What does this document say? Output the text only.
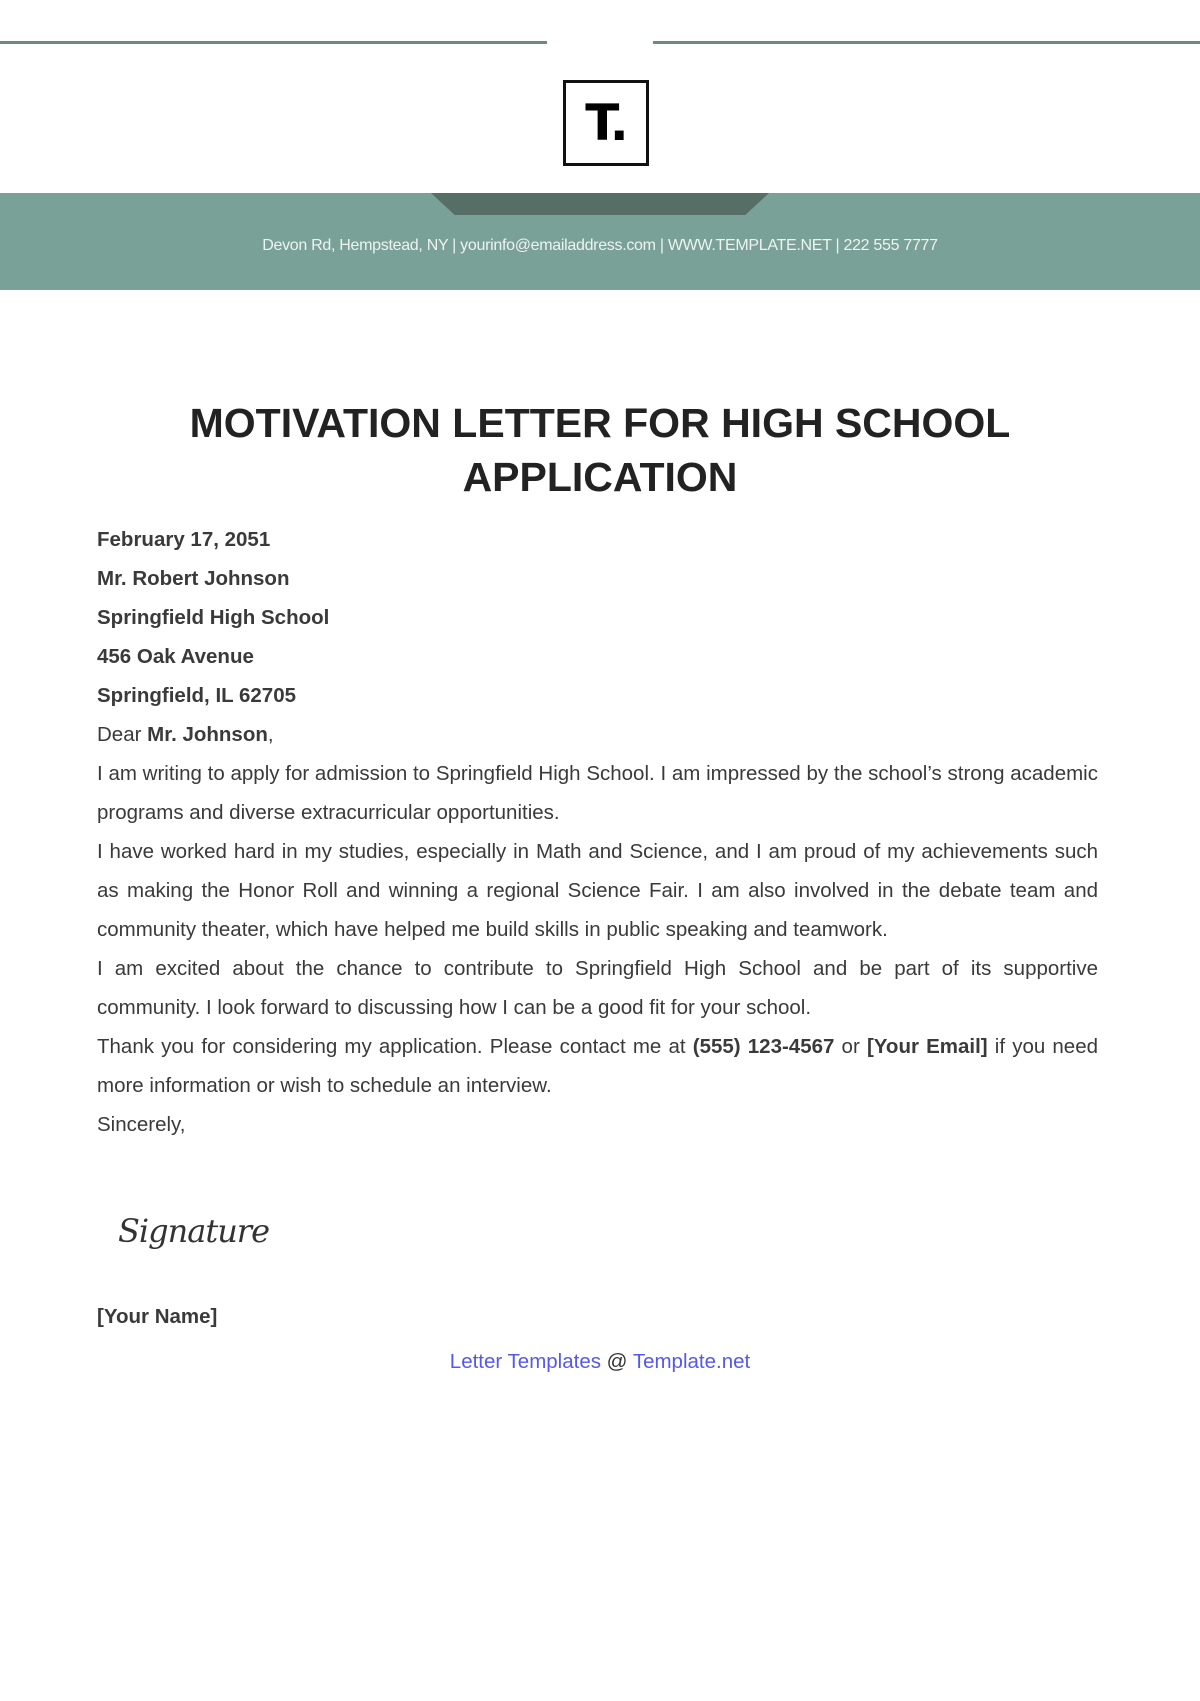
T.
Devon Rd, Hempstead, NY | yourinfo@emailaddress.com | WWW.TEMPLATE.NET | 222 555 7777
MOTIVATION LETTER FOR HIGH SCHOOL APPLICATION
February 17, 2051
Mr. Robert Johnson
Springfield High School
456 Oak Avenue
Springfield, IL 62705
Dear Mr. Johnson,

I am writing to apply for admission to Springfield High School. I am impressed by the school’s strong academic programs and diverse extracurricular opportunities.

I have worked hard in my studies, especially in Math and Science, and I am proud of my achievements such as making the Honor Roll and winning a regional Science Fair. I am also involved in the debate team and community theater, which have helped me build skills in public speaking and teamwork.

I am excited about the chance to contribute to Springfield High School and be part of its supportive community. I look forward to discussing how I can be a good fit for your school.

Thank you for considering my application. Please contact me at (555) 123-4567 or [Your Email] if you need more information or wish to schedule an interview.

Sincerely,
Signature
[Your Name]
Letter Templates @ Template.net
